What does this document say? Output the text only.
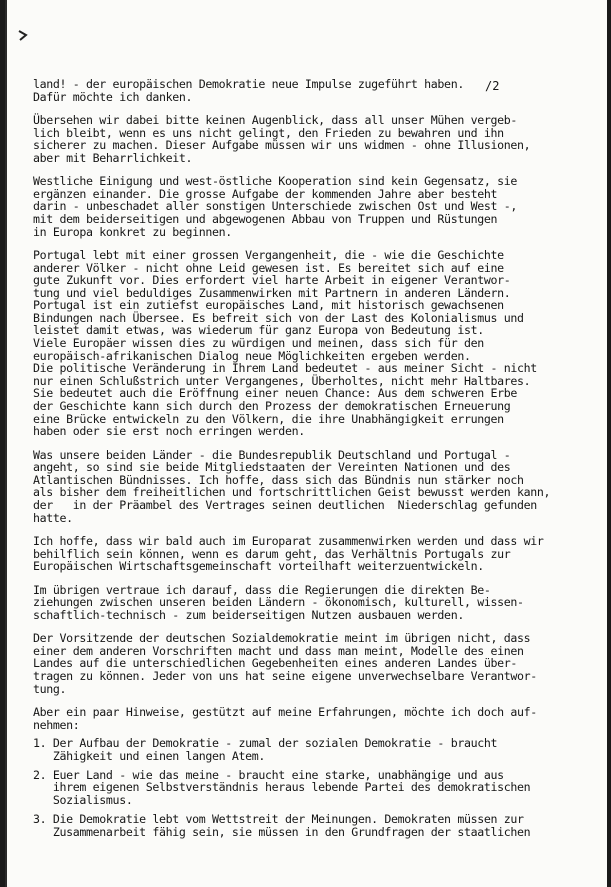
/2
land! - der europäischen Demokratie neue Impulse zugeführt haben.
Dafür möchte ich danken.
Übersehen wir dabei bitte keinen Augenblick, dass all unser Mühen vergeb-
lich bleibt, wenn es uns nicht gelingt, den Frieden zu bewahren und ihn
sicherer zu machen. Dieser Aufgabe müssen wir uns widmen - ohne Illusionen,
aber mit Beharrlichkeit.
Westliche Einigung und west-östliche Kooperation sind kein Gegensatz, sie
ergänzen einander. Die grosse Aufgabe der kommenden Jahre aber besteht
darin - unbeschadet aller sonstigen Unterschiede zwischen Ost und West -,
mit dem beiderseitigen und abgewogenen Abbau von Truppen und Rüstungen
in Europa konkret zu beginnen.
Portugal lebt mit einer grossen Vergangenheit, die - wie die Geschichte
anderer Völker - nicht ohne Leid gewesen ist. Es bereitet sich auf eine
gute Zukunft vor. Dies erfordert viel harte Arbeit in eigener Verantwor-
tung und viel beduldiges Zusammenwirken mit Partnern in anderen Ländern.
Portugal ist ein zutiefst europäisches Land, mit historisch gewachsenen
Bindungen nach Übersee. Es befreit sich von der Last des Kolonialismus und
leistet damit etwas, was wiederum für ganz Europa von Bedeutung ist.
Viele Europäer wissen dies zu würdigen und meinen, dass sich für den
europäisch-afrikanischen Dialog neue Möglichkeiten ergeben werden.
Die politische Veränderung in Ihrem Land bedeutet - aus meiner Sicht - nicht
nur einen Schlußstrich unter Vergangenes, Überholtes, nicht mehr Haltbares.
Sie bedeutet auch die Eröffnung einer neuen Chance: Aus dem schweren Erbe
der Geschichte kann sich durch den Prozess der demokratischen Erneuerung
eine Brücke entwickeln zu den Völkern, die ihre Unabhängigkeit errungen
haben oder sie erst noch erringen werden.
Was unsere beiden Länder - die Bundesrepublik Deutschland und Portugal -
angeht, so sind sie beide Mitgliedstaaten der Vereinten Nationen und des
Atlantischen Bündnisses. Ich hoffe, dass sich das Bündnis nun stärker noch
als bisher dem freiheitlichen und fortschrittlichen Geist bewusst werden kann,
der   in der Präambel des Vertrages seinen deutlichen  Niederschlag gefunden
hatte.
Ich hoffe, dass wir bald auch im Europarat zusammenwirken werden und dass wir
behilflich sein können, wenn es darum geht, das Verhältnis Portugals zur
Europäischen Wirtschaftsgemeinschaft vorteilhaft weiterzuentwickeln.
Im übrigen vertraue ich darauf, dass die Regierungen die direkten Be-
ziehungen zwischen unseren beiden Ländern - ökonomisch, kulturell, wissen-
schaftlich-technisch - zum beiderseitigen Nutzen ausbauen werden.
Der Vorsitzende der deutschen Sozialdemokratie meint im übrigen nicht, dass
einer dem anderen Vorschriften macht und dass man meint, Modelle des einen
Landes auf die unterschiedlichen Gegebenheiten eines anderen Landes über-
tragen zu können. Jeder von uns hat seine eigene unverwechselbare Verantwor-
tung.
Aber ein paar Hinweise, gestützt auf meine Erfahrungen, möchte ich doch auf-
nehmen:
1. Der Aufbau der Demokratie - zumal der sozialen Demokratie - braucht
Zähigkeit und einen langen Atem.
2. Euer Land - wie das meine - braucht eine starke, unabhängige und aus
ihrem eigenen Selbstverständnis heraus lebende Partei des demokratischen
Sozialismus.
3. Die Demokratie lebt vom Wettstreit der Meinungen. Demokraten müssen zur
Zusammenarbeit fähig sein, sie müssen in den Grundfragen der staatlichen
